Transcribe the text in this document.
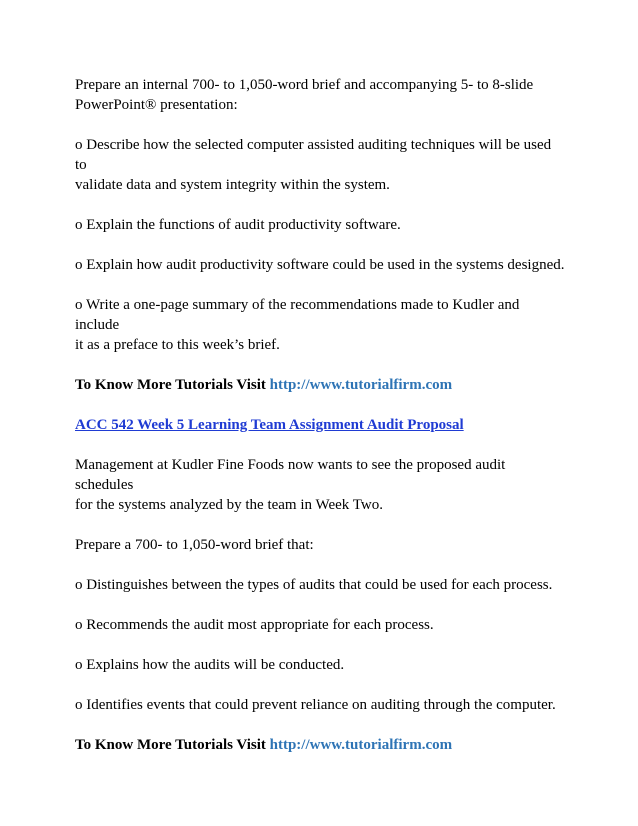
Prepare an internal 700- to 1,050-word brief and accompanying 5- to 8-slide
PowerPoint® presentation:

o Describe how the selected computer assisted auditing techniques will be used to
validate data and system integrity within the system.

o Explain the functions of audit productivity software.

o Explain how audit productivity software could be used in the systems designed.

o Write a one-page summary of the recommendations made to Kudler and include
it as a preface to this week’s brief.

To Know More Tutorials Visit http://www.tutorialfirm.com

ACC 542 Week 5 Learning Team Assignment Audit Proposal

Management at Kudler Fine Foods now wants to see the proposed audit schedules
for the systems analyzed by the team in Week Two.

Prepare a 700- to 1,050-word brief that:

o Distinguishes between the types of audits that could be used for each process.

o Recommends the audit most appropriate for each process.

o Explains how the audits will be conducted.

o Identifies events that could prevent reliance on auditing through the computer.

To Know More Tutorials Visit http://www.tutorialfirm.com
